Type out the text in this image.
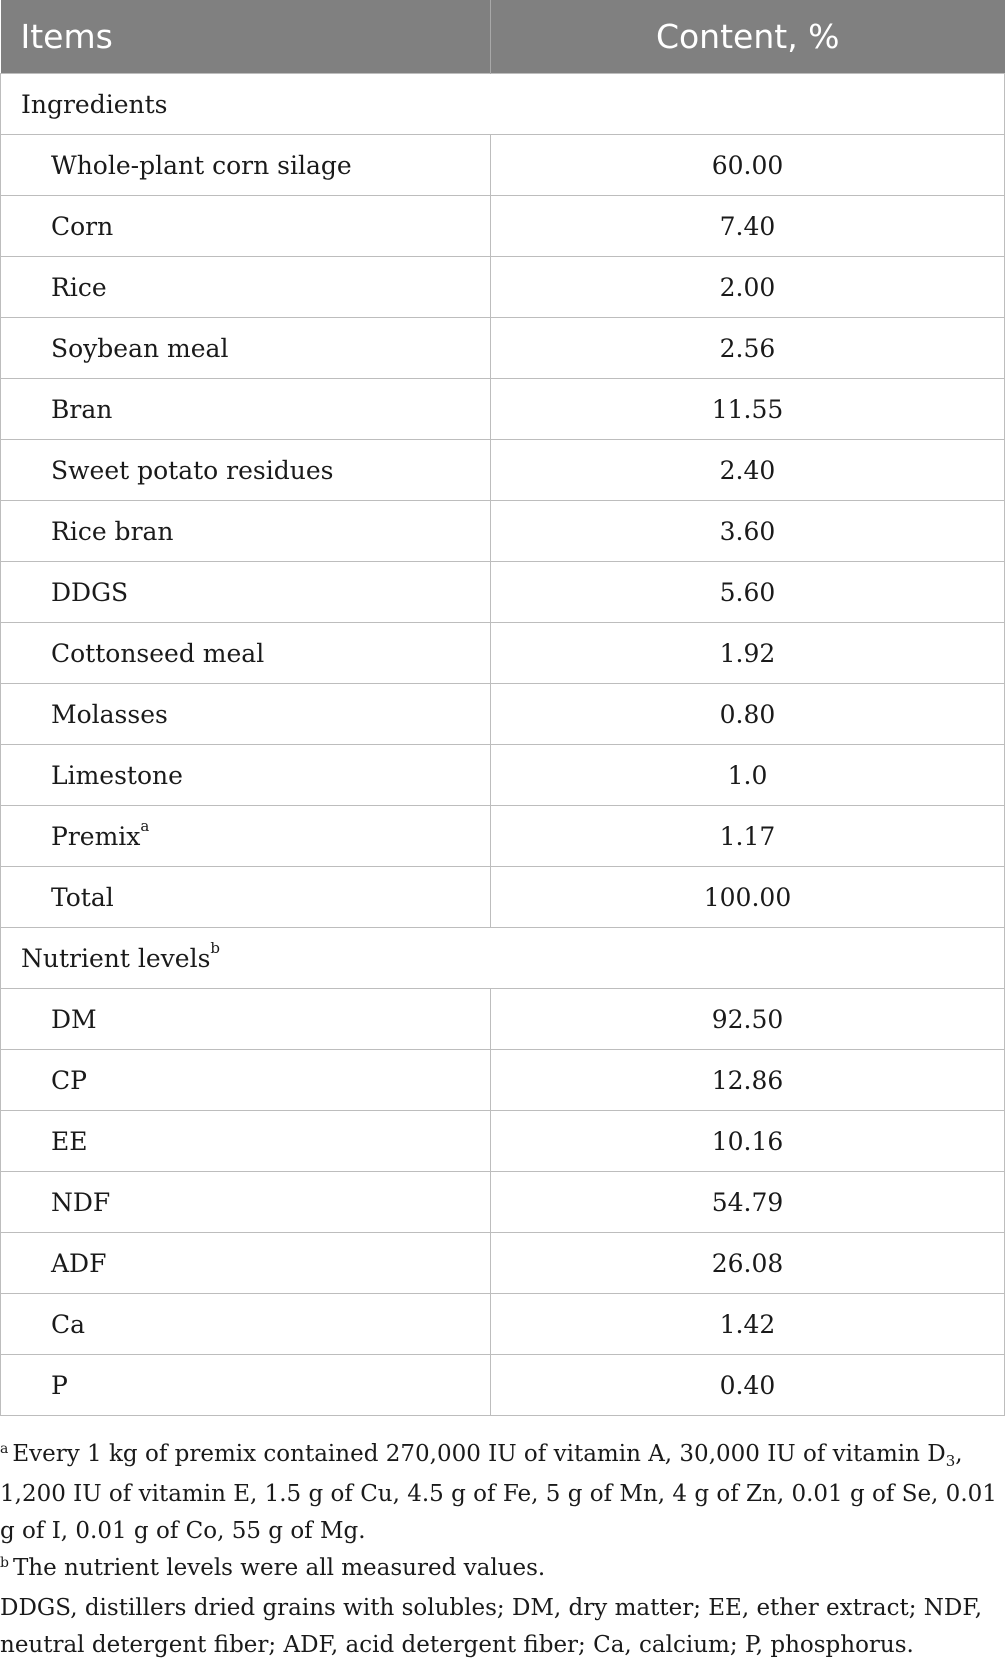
Items	Content, %
Ingredients	
Whole-plant corn silage	60.00
Corn	7.40
Rice	2.00
Soybean meal	2.56
Bran	11.55
Sweet potato residues	2.40
Rice bran	3.60
DDGS	5.60
Cottonseed meal	1.92
Molasses	0.80
Limestone	1.0
Premix$^a$	1.17
Total	100.00
Nutrient levels$^b$
DM	92.50
CP	12.86
EE	10.16
NDF	54.79
ADF	26.08
Ca	1.42
P	0.40

$^a$ Every 1 kg of premix contained 270,000 IU of vitamin A, 30,000 IU of vitamin $D_3$, 1,200 IU of vitamin E, 1.5 g of Cu, 4.5 g of Fe, 5 g of Mn, 4 g of Zn, 0.01 g of Se, 0.01 g of I, 0.01 g of Co, 55 g of Mg.

$^b$ The nutrient levels were all measured values.

DDGS, distillers dried grains with solubles; DM, dry matter; EE, ether extract; NDF, neutral detergent fiber; ADF, acid detergent fiber; Ca, calcium; P, phosphorus.
